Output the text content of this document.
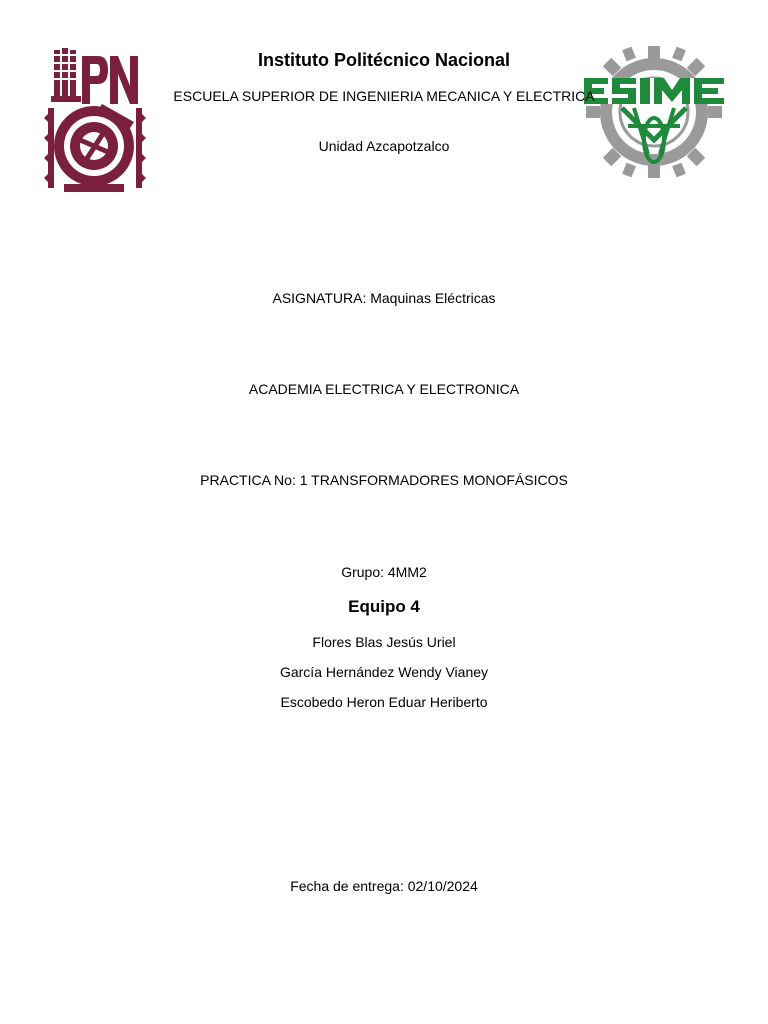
Instituto Politécnico Nacional
ESCUELA SUPERIOR DE INGENIERIA MECANICA Y ELECTRICA
Unidad Azcapotzalco
ASIGNATURA: Maquinas Eléctricas
ACADEMIA ELECTRICA Y ELECTRONICA
PRACTICA No: 1 TRANSFORMADORES MONOFÁSICOS
Grupo: 4MM2
Equipo 4
Flores Blas Jesús Uriel
García Hernández Wendy Vianey
Escobedo Heron Eduar Heriberto
Fecha de entrega: 02/10/2024
